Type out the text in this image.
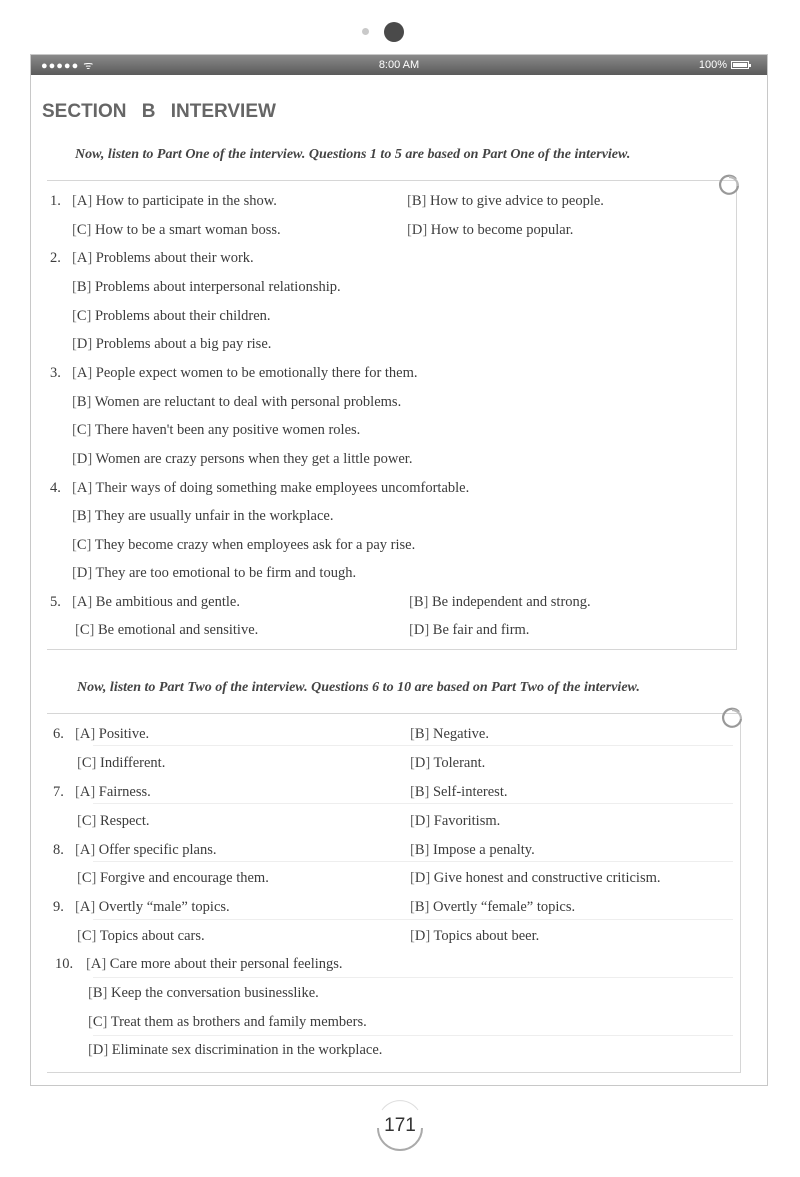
●●●●● ᯤ	8:00 AM	100%
SECTION B INTERVIEW
Now, listen to Part One of the interview. Questions 1 to 5 are based on Part One of the interview.
Now, listen to Part Two of the interview. Questions 6 to 10 are based on Part Two of the interview.
1. [A] How to participate in the show.	[B] How to give advice to people.
[C] How to be a smart woman boss.	[D] How to become popular.
2. [A] Problems about their work.
[B] Problems about interpersonal relationship.
[C] Problems about their children.
[D] Problems about a big pay rise.
3. [A] People expect women to be emotionally there for them.
[B] Women are reluctant to deal with personal problems.
[C] There haven't been any positive women roles.
[D] Women are crazy persons when they get a little power.
4. [A] Their ways of doing something make employees uncomfortable.
[B] They are usually unfair in the workplace.
[C] They become crazy when employees ask for a pay rise.
[D] They are too emotional to be firm and tough.
5. [A] Be ambitious and gentle.	[B] Be independent and strong.
[C] Be emotional and sensitive.	[D] Be fair and firm.
6. [A] Positive.	[B] Negative.
[C] Indifferent.	[D] Tolerant.
7. [A] Fairness.	[B] Self-interest.
[C] Respect.	[D] Favoritism.
8. [A] Offer specific plans.	[B] Impose a penalty.
[C] Forgive and encourage them.	[D] Give honest and constructive criticism.
9. [A] Overtly “male” topics.	[B] Overtly “female” topics.
[C] Topics about cars.	[D] Topics about beer.
10. [A] Care more about their personal feelings.
[B] Keep the conversation businesslike.
[C] Treat them as brothers and family members.
[D] Eliminate sex discrimination in the workplace.
171
